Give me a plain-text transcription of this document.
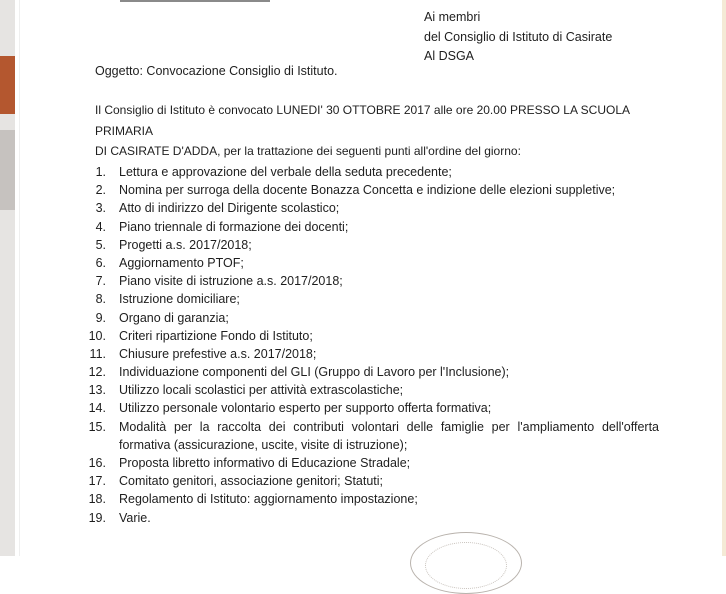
Ai membri
del Consiglio di Istituto di Casirate
Al DSGA
Oggetto: Convocazione Consiglio di Istituto.
Il Consiglio di Istituto è convocato LUNEDI' 30 OTTOBRE 2017 alle ore 20.00 PRESSO LA SCUOLA PRIMARIA
DI CASIRATE D'ADDA, per la trattazione dei seguenti punti all'ordine del giorno:
1. Lettura e approvazione del verbale della seduta precedente;
2. Nomina per surroga della docente Bonazza Concetta e indizione delle elezioni suppletive;
3. Atto di indirizzo del Dirigente scolastico;
4. Piano triennale di formazione dei docenti;
5. Progetti a.s. 2017/2018;
6. Aggiornamento PTOF;
7. Piano visite di istruzione a.s. 2017/2018;
8. Istruzione domiciliare;
9. Organo di garanzia;
10. Criteri ripartizione Fondo di Istituto;
11. Chiusure prefestive a.s. 2017/2018;
12. Individuazione componenti del GLI (Gruppo di Lavoro per l'Inclusione);
13. Utilizzo locali scolastici per attività extrascolastiche;
14. Utilizzo personale volontario esperto per supporto offerta formativa;
15. Modalità per la raccolta dei contributi volontari delle famiglie per l'ampliamento dell'offerta formativa (assicurazione, uscite, visite di istruzione);
16. Proposta libretto informativo di Educazione Stradale;
17. Comitato genitori, associazione genitori; Statuti;
18. Regolamento di Istituto: aggiornamento impostazione;
19. Varie.
